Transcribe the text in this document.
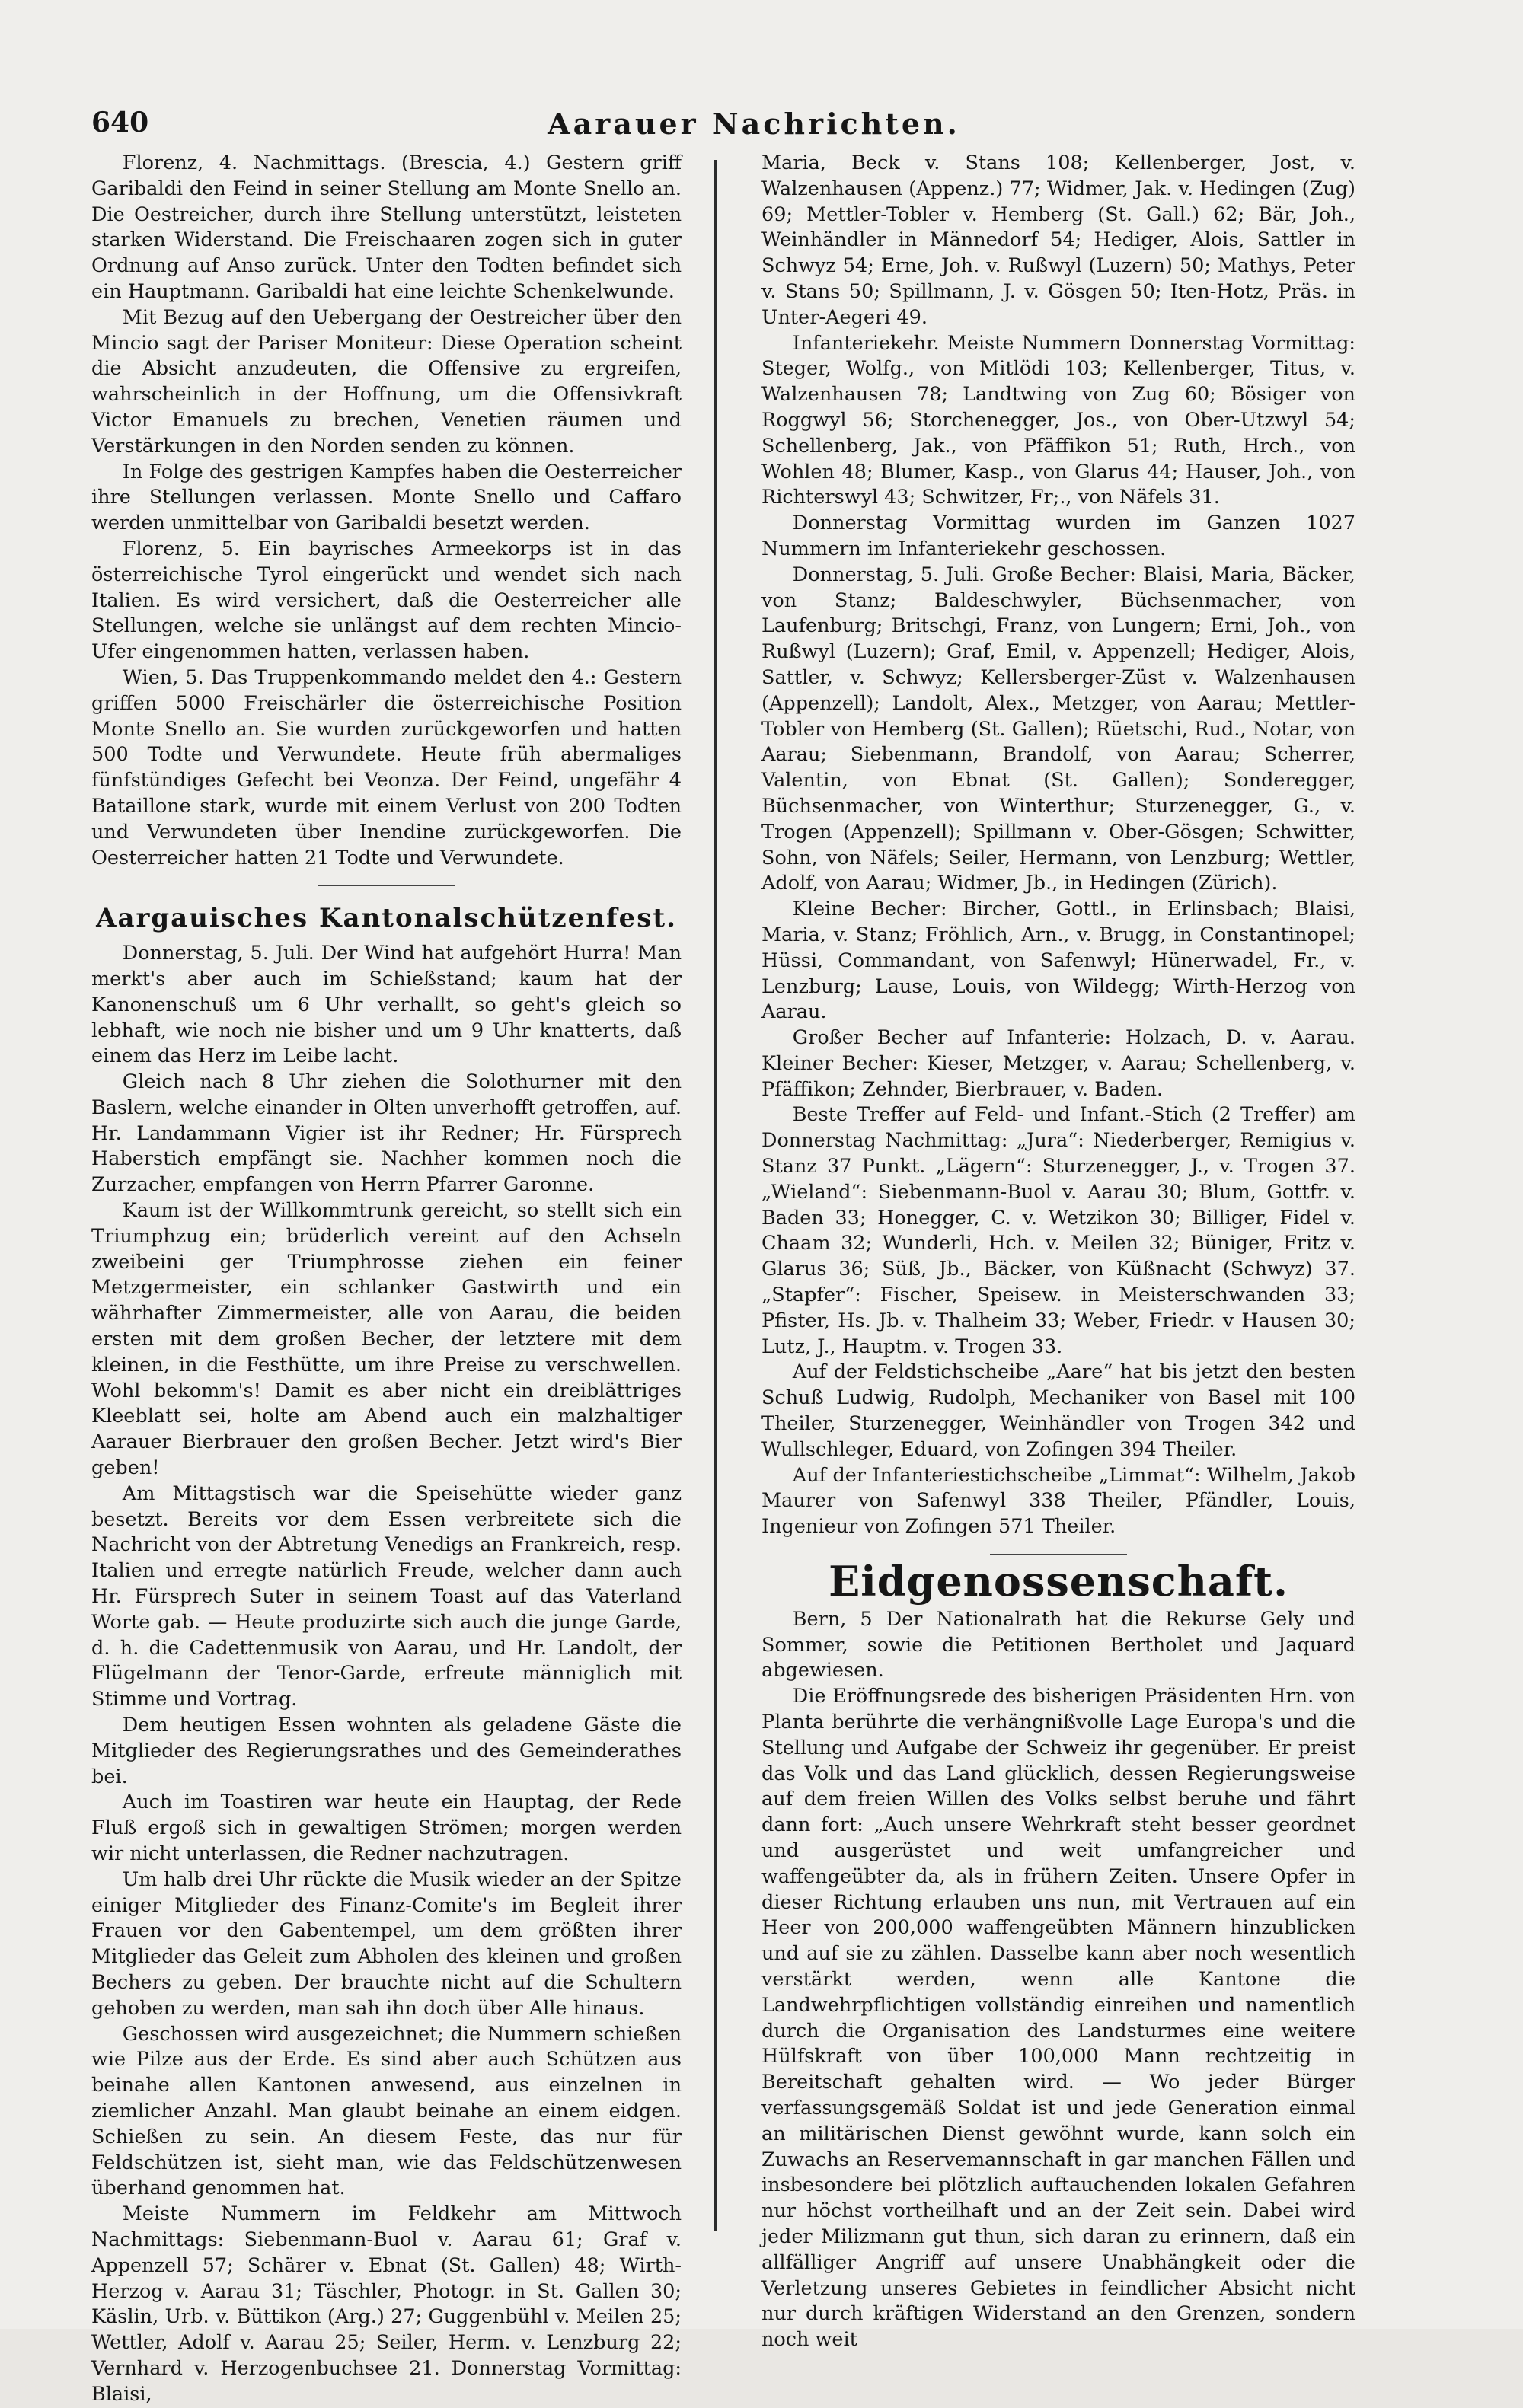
640	Aarauer Nachrichten.

Florenz, 4. Nachmittags. (Brescia, 4.) Gestern griff Garibaldi den Feind in seiner Stellung am Monte Snello an. Die Oestreicher, durch ihre Stellung unterstützt, leisteten starken Widerstand. Die Freischaaren zogen sich in guter Ordnung auf Anso zurück. Unter den Todten befindet sich ein Hauptmann. Garibaldi hat eine leichte Schenkelwunde.

Mit Bezug auf den Uebergang der Oestreicher über den Mincio sagt der Pariser Moniteur: Diese Operation scheint die Absicht anzudeuten, die Offensive zu ergreifen, wahrscheinlich in der Hoffnung, um die Offensivkraft Victor Emanuels zu brechen, Venetien räumen und Verstärkungen in den Norden senden zu können.

In Folge des gestrigen Kampfes haben die Oesterreicher ihre Stellungen verlassen. Monte Snello und Caffaro werden unmittelbar von Garibaldi besetzt werden.

Florenz, 5. Ein bayrisches Armeekorps ist in das österreichische Tyrol eingerückt und wendet sich nach Italien. Es wird versichert, daß die Oesterreicher alle Stellungen, welche sie unlängst auf dem rechten Mincio-Ufer eingenommen hatten, verlassen haben.

Wien, 5. Das Truppenkommando meldet den 4.: Gestern griffen 5000 Freischärler die österreichische Position Monte Snello an. Sie wurden zurückgeworfen und hatten 500 Todte und Verwundete. Heute früh abermaliges fünfstündiges Gefecht bei Veonza. Der Feind, ungefähr 4 Bataillone stark, wurde mit einem Verlust von 200 Todten und Verwundeten über Inendine zurückgeworfen. Die Oesterreicher hatten 21 Todte und Verwundete.

Aargauisches Kantonalschützenfest.

Donnerstag, 5. Juli. Der Wind hat aufgehört Hurra! Man merkt's aber auch im Schießstand; kaum hat der Kanonenschuß um 6 Uhr verhallt, so geht's gleich so lebhaft, wie noch nie bisher und um 9 Uhr knatterts, daß einem das Herz im Leibe lacht.

Gleich nach 8 Uhr ziehen die Solothurner mit den Baslern, welche einander in Olten unverhofft getroffen, auf. Hr. Landammann Vigier ist ihr Redner; Hr. Fürsprech Haberstich empfängt sie. Nachher kommen noch die Zurzacher, empfangen von Herrn Pfarrer Garonne.

Kaum ist der Willkommtrunk gereicht, so stellt sich ein Triumphzug ein; brüderlich vereint auf den Achseln zweibeini ger Triumphrosse ziehen ein feiner Metzgermeister, ein schlanker Gastwirth und ein währhafter Zimmermeister, alle von Aarau, die beiden ersten mit dem großen Becher, der letztere mit dem kleinen, in die Festhütte, um ihre Preise zu verschwellen. Wohl bekomm's! Damit es aber nicht ein dreiblättriges Kleeblatt sei, holte am Abend auch ein malzhaltiger Aarauer Bierbrauer den großen Becher. Jetzt wird's Bier geben!

Am Mittagstisch war die Speisehütte wieder ganz besetzt. Bereits vor dem Essen verbreitete sich die Nachricht von der Abtretung Venedigs an Frankreich, resp. Italien und erregte natürlich Freude, welcher dann auch Hr. Fürsprech Suter in seinem Toast auf das Vaterland Worte gab. — Heute produzirte sich auch die junge Garde, d. h. die Cadettenmusik von Aarau, und Hr. Landolt, der Flügelmann der Tenor-Garde, erfreute männiglich mit Stimme und Vortrag.

Dem heutigen Essen wohnten als geladene Gäste die Mitglieder des Regierungsrathes und des Gemeinderathes bei.

Auch im Toastiren war heute ein Hauptag, der Rede Fluß ergoß sich in gewaltigen Strömen; morgen werden wir nicht unterlassen, die Redner nachzutragen.

Um halb drei Uhr rückte die Musik wieder an der Spitze einiger Mitglieder des Finanz-Comite's im Begleit ihrer Frauen vor den Gabentempel, um dem größten ihrer Mitglieder das Geleit zum Abholen des kleinen und großen Bechers zu geben. Der brauchte nicht auf die Schultern gehoben zu werden, man sah ihn doch über Alle hinaus.

Geschossen wird ausgezeichnet; die Nummern schießen wie Pilze aus der Erde. Es sind aber auch Schützen aus beinahe allen Kantonen anwesend, aus einzelnen in ziemlicher Anzahl. Man glaubt beinahe an einem eidgen. Schießen zu sein. An diesem Feste, das nur für Feldschützen ist, sieht man, wie das Feldschützenwesen überhand genommen hat.

Meiste Nummern im Feldkehr am Mittwoch Nachmittags: Siebenmann-Buol v. Aarau 61; Graf v. Appenzell 57; Schärer v. Ebnat (St. Gallen) 48; Wirth-Herzog v. Aarau 31; Täschler, Photogr. in St. Gallen 30; Käslin, Urb. v. Büttikon (Arg.) 27; Guggenbühl v. Meilen 25; Wettler, Adolf v. Aarau 25; Seiler, Herm. v. Lenzburg 22; Vernhard v. Herzogenbuchsee 21. Donnerstag Vormittag: Blaisi,

Maria, Beck v. Stans 108; Kellenberger, Jost, v. Walzenhausen (Appenz.) 77; Widmer, Jak. v. Hedingen (Zug) 69; Mettler-Tobler v. Hemberg (St. Gall.) 62; Bär, Joh., Weinhändler in Männedorf 54; Hediger, Alois, Sattler in Schwyz 54; Erne, Joh. v. Rußwyl (Luzern) 50; Mathys, Peter v. Stans 50; Spillmann, J. v. Gösgen 50; Iten-Hotz, Präs. in Unter-Aegeri 49.

Infanteriekehr. Meiste Nummern Donnerstag Vormittag: Steger, Wolfg., von Mitlödi 103; Kellenberger, Titus, v. Walzenhausen 78; Landtwing von Zug 60; Bösiger von Roggwyl 56; Storchenegger, Jos., von Ober-Utzwyl 54; Schellenberg, Jak., von Pfäffikon 51; Ruth, Hrch., von Wohlen 48; Blumer, Kasp., von Glarus 44; Hauser, Joh., von Richterswyl 43; Schwitzer, Fr;., von Näfels 31.

Donnerstag Vormittag wurden im Ganzen 1027 Nummern im Infanteriekehr geschossen.

Donnerstag, 5. Juli. Große Becher: Blaisi, Maria, Bäcker, von Stanz; Baldeschwyler, Büchsenmacher, von Laufenburg; Britschgi, Franz, von Lungern; Erni, Joh., von Rußwyl (Luzern); Graf, Emil, v. Appenzell; Hediger, Alois, Sattler, v. Schwyz; Kellersberger-Züst v. Walzenhausen (Appenzell); Landolt, Alex., Metzger, von Aarau; Mettler-Tobler von Hemberg (St. Gallen); Rüetschi, Rud., Notar, von Aarau; Siebenmann, Brandolf, von Aarau; Scherrer, Valentin, von Ebnat (St. Gallen); Sonderegger, Büchsenmacher, von Winterthur; Sturzenegger, G., v. Trogen (Appenzell); Spillmann v. Ober-Gösgen; Schwitter, Sohn, von Näfels; Seiler, Hermann, von Lenzburg; Wettler, Adolf, von Aarau; Widmer, Jb., in Hedingen (Zürich).

Kleine Becher: Bircher, Gottl., in Erlinsbach; Blaisi, Maria, v. Stanz; Fröhlich, Arn., v. Brugg, in Constantinopel; Hüssi, Commandant, von Safenwyl; Hünerwadel, Fr., v. Lenzburg; Lause, Louis, von Wildegg; Wirth-Herzog von Aarau.

Großer Becher auf Infanterie: Holzach, D. v. Aarau. Kleiner Becher: Kieser, Metzger, v. Aarau; Schellenberg, v. Pfäffikon; Zehnder, Bierbrauer, v. Baden.

Beste Treffer auf Feld- und Infant.-Stich (2 Treffer) am Donnerstag Nachmittag: „Jura“: Niederberger, Remigius v. Stanz 37 Punkt. „Lägern“: Sturzenegger, J., v. Trogen 37. „Wieland“: Siebenmann-Buol v. Aarau 30; Blum, Gottfr. v. Baden 33; Honegger, C. v. Wetzikon 30; Billiger, Fidel v. Chaam 32; Wunderli, Hch. v. Meilen 32; Büniger, Fritz v. Glarus 36; Süß, Jb., Bäcker, von Küßnacht (Schwyz) 37. „Stapfer“: Fischer, Speisew. in Meisterschwanden 33; Pfister, Hs. Jb. v. Thalheim 33; Weber, Friedr. v Hausen 30; Lutz, J., Hauptm. v. Trogen 33.

Auf der Feldstichscheibe „Aare“ hat bis jetzt den besten Schuß Ludwig, Rudolph, Mechaniker von Basel mit 100 Theiler, Sturzenegger, Weinhändler von Trogen 342 und Wullschleger, Eduard, von Zofingen 394 Theiler.

Auf der Infanteriestichscheibe „Limmat“: Wilhelm, Jakob Maurer von Safenwyl 338 Theiler, Pfändler, Louis, Ingenieur von Zofingen 571 Theiler.

Eidgenossenschaft.

Bern, 5 Der Nationalrath hat die Rekurse Gely und Sommer, sowie die Petitionen Bertholet und Jaquard abgewiesen.

Die Eröffnungsrede des bisherigen Präsidenten Hrn. von Planta berührte die verhängnißvolle Lage Europa's und die Stellung und Aufgabe der Schweiz ihr gegenüber. Er preist das Volk und das Land glücklich, dessen Regierungsweise auf dem freien Willen des Volks selbst beruhe und fährt dann fort: „Auch unsere Wehrkraft steht besser geordnet und ausgerüstet und weit umfangreicher und waffengeübter da, als in frühern Zeiten. Unsere Opfer in dieser Richtung erlauben uns nun, mit Vertrauen auf ein Heer von 200,000 waffengeübten Männern hinzublicken und auf sie zu zählen. Dasselbe kann aber noch wesentlich verstärkt werden, wenn alle Kantone die Landwehrpflichtigen vollständig einreihen und namentlich durch die Organisation des Landsturmes eine weitere Hülfskraft von über 100,000 Mann rechtzeitig in Bereitschaft gehalten wird. — Wo jeder Bürger verfassungsgemäß Soldat ist und jede Generation einmal an militärischen Dienst gewöhnt wurde, kann solch ein Zuwachs an Reservemannschaft in gar manchen Fällen und insbesondere bei plötzlich auftauchenden lokalen Gefahren nur höchst vortheilhaft und an der Zeit sein. Dabei wird jeder Milizmann gut thun, sich daran zu erinnern, daß ein allfälliger Angriff auf unsere Unabhängkeit oder die Verletzung unseres Gebietes in feindlicher Absicht nicht nur durch kräftigen Widerstand an den Grenzen, sondern noch weit
